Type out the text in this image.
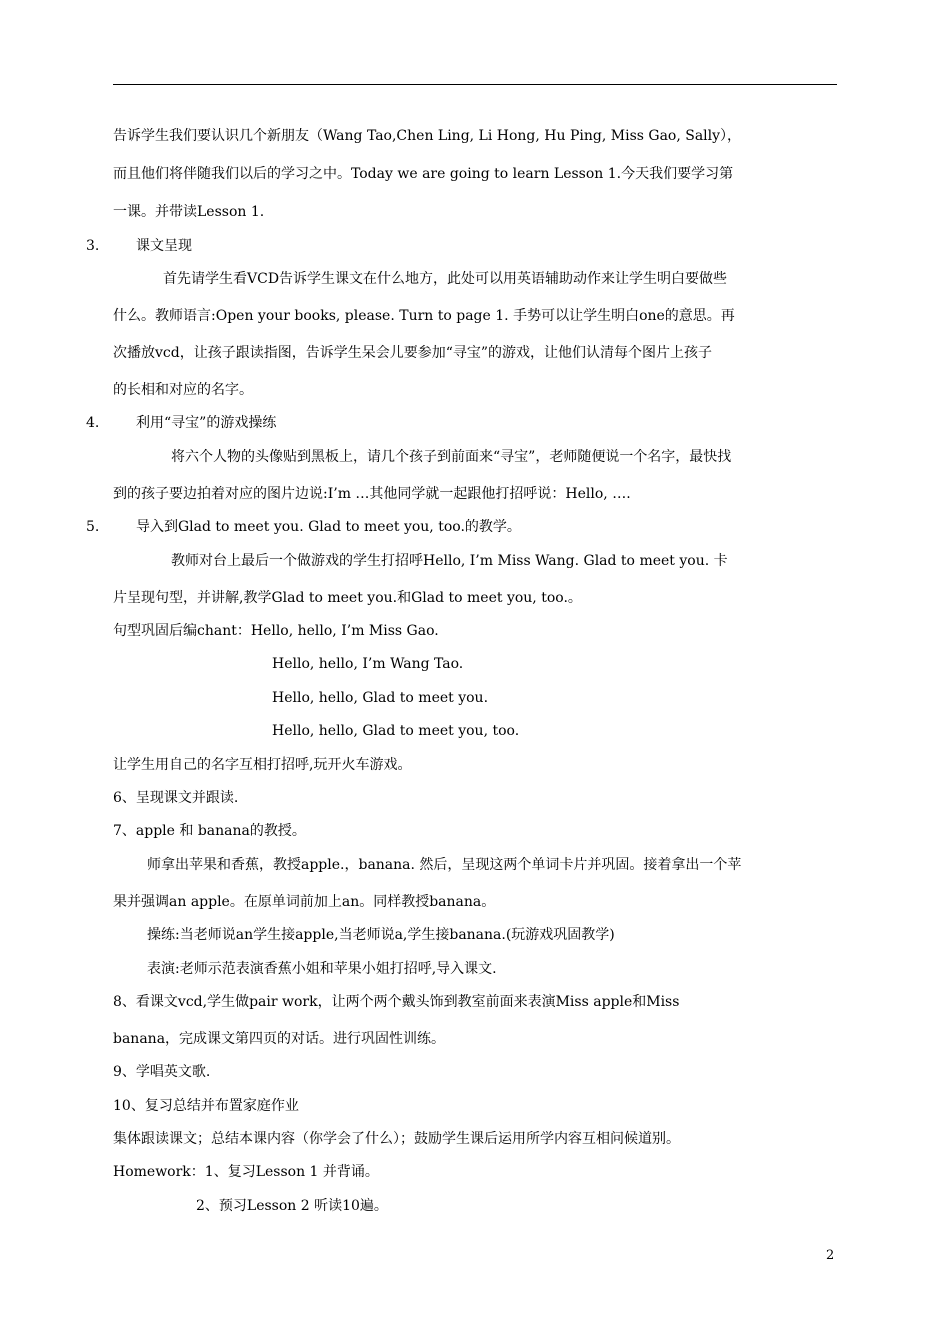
告诉学生我们要认识几个新朋友（Wang Tao,Chen Ling, Li Hong, Hu Ping, Miss Gao, Sally），
而且他们将伴随我们以后的学习之中。Today we are going to learn Lesson 1.今天我们要学习第
一课。并带读Lesson 1.
3.	课文呈现
首先请学生看VCD告诉学生课文在什么地方，此处可以用英语辅助动作来让学生明白要做些
什么。教师语言:Open your books, please. Turn to page 1. 手势可以让学生明白one的意思。再
次播放vcd，让孩子跟读指图，告诉学生呆会儿要参加“寻宝”的游戏，让他们认清每个图片上孩子
的长相和对应的名字。
4.	利用“寻宝”的游戏操练
将六个人物的头像贴到黑板上，请几个孩子到前面来“寻宝”，老师随便说一个名字，最快找
到的孩子要边拍着对应的图片边说:I’m …其他同学就一起跟他打招呼说：Hello, ….
5.	导入到Glad to meet you. Glad to meet you, too.的教学。
教师对台上最后一个做游戏的学生打招呼Hello, I’m Miss Wang. Glad to meet you. 卡
片呈现句型，并讲解,教学Glad to meet you.和Glad to meet you, too.。
句型巩固后编chant：Hello, hello, I’m Miss Gao.
Hello, hello, I’m Wang Tao.
Hello, hello, Glad to meet you.
Hello, hello, Glad to meet you, too.
让学生用自己的名字互相打招呼,玩开火车游戏。
6、呈现课文并跟读.
7、apple 和 banana的教授。
师拿出苹果和香蕉，教授apple.，banana. 然后，呈现这两个单词卡片并巩固。接着拿出一个苹
果并强调an apple。在原单词前加上an。同样教授banana。
操练:当老师说an学生接apple,当老师说a,学生接banana.(玩游戏巩固教学)
表演:老师示范表演香蕉小姐和苹果小姐打招呼,导入课文.
8、看课文vcd,学生做pair work，让两个两个戴头饰到教室前面来表演Miss apple和Miss
banana，完成课文第四页的对话。进行巩固性训练。
9、学唱英文歌.
10、复习总结并布置家庭作业
集体跟读课文；总结本课内容（你学会了什么）；鼓励学生课后运用所学内容互相问候道别。
Homework：1、复习Lesson 1 并背诵。
2、预习Lesson 2 听读10遍。
2
